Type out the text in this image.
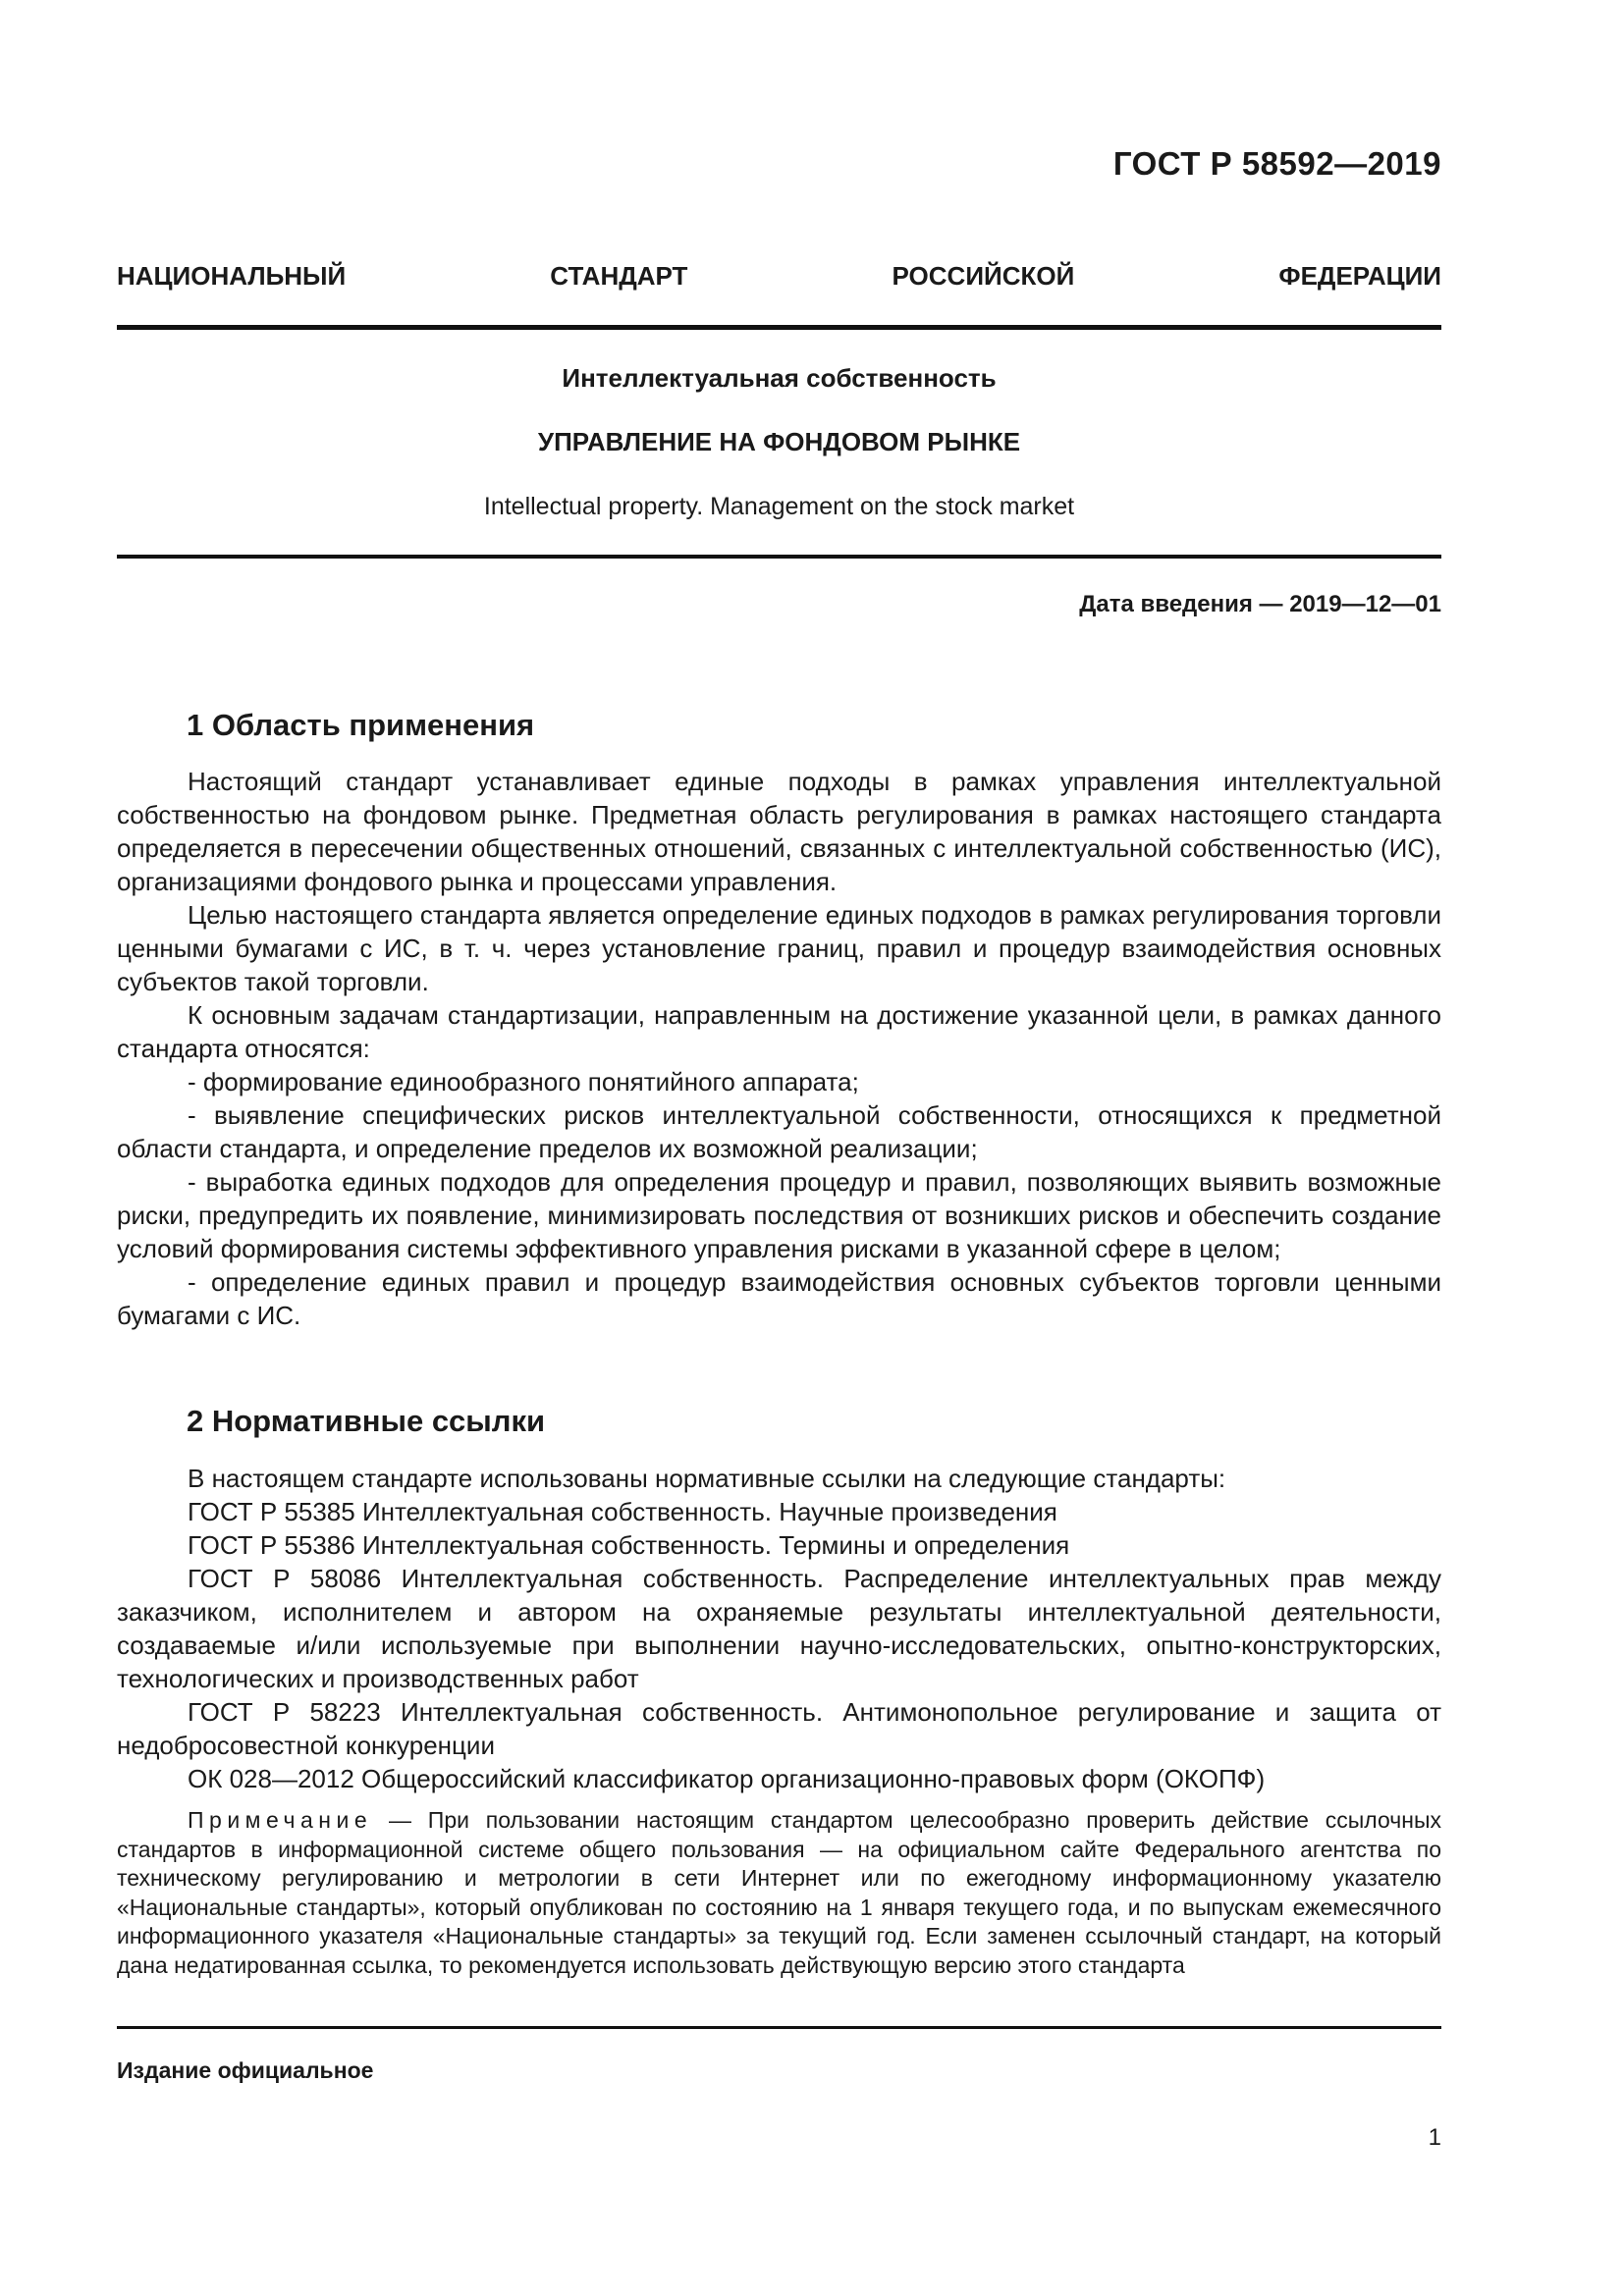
ГОСТ Р 58592—2019
НАЦИОНАЛЬНЫЙ СТАНДАРТ РОССИЙСКОЙ ФЕДЕРАЦИИ
Интеллектуальная собственность
УПРАВЛЕНИЕ НА ФОНДОВОМ РЫНКЕ
Intellectual property. Management on the stock market
Дата введения — 2019—12—01
1 Область применения

Настоящий стандарт устанавливает единые подходы в рамках управления интеллектуальной собственностью на фондовом рынке. Предметная область регулирования в рамках настоящего стандарта определяется в пересечении общественных отношений, связанных с интеллектуальной собственностью (ИС), организациями фондового рынка и процессами управления.

Целью настоящего стандарта является определение единых подходов в рамках регулирования торговли ценными бумагами с ИС, в т. ч. через установление границ, правил и процедур взаимодействия основных субъектов такой торговли.

К основным задачам стандартизации, направленным на достижение указанной цели, в рамках данного стандарта относятся:

- формирование единообразного понятийного аппарата;

- выявление специфических рисков интеллектуальной собственности, относящихся к предметной области стандарта, и определение пределов их возможной реализации;

- выработка единых подходов для определения процедур и правил, позволяющих выявить возможные риски, предупредить их появление, минимизировать последствия от возникших рисков и обеспечить создание условий формирования системы эффективного управления рисками в указанной сфере в целом;

- определение единых правил и процедур взаимодействия основных субъектов торговли ценными бумагами с ИС.

2 Нормативные ссылки

В настоящем стандарте использованы нормативные ссылки на следующие стандарты:

ГОСТ Р 55385 Интеллектуальная собственность. Научные произведения

ГОСТ Р 55386 Интеллектуальная собственность. Термины и определения

ГОСТ Р 58086 Интеллектуальная собственность. Распределение интеллектуальных прав между заказчиком, исполнителем и автором на охраняемые результаты интеллектуальной деятельности, создаваемые и/или используемые при выполнении научно-исследовательских, опытно-конструкторских, технологических и производственных работ

ГОСТ Р 58223 Интеллектуальная собственность. Антимонопольное регулирование и защита от недобросовестной конкуренции

ОК 028—2012 Общероссийский классификатор организационно-правовых форм (ОКОПФ)

Примечание — При пользовании настоящим стандартом целесообразно проверить действие ссылочных стандартов в информационной системе общего пользования — на официальном сайте Федерального агентства по техническому регулированию и метрологии в сети Интернет или по ежегодному информационному указателю «Национальные стандарты», который опубликован по состоянию на 1 января текущего года, и по выпускам ежемесячного информационного указателя «Национальные стандарты» за текущий год. Если заменен ссылочный стандарт, на который дана недатированная ссылка, то рекомендуется использовать действующую версию этого стандарта
Издание официальное
1
